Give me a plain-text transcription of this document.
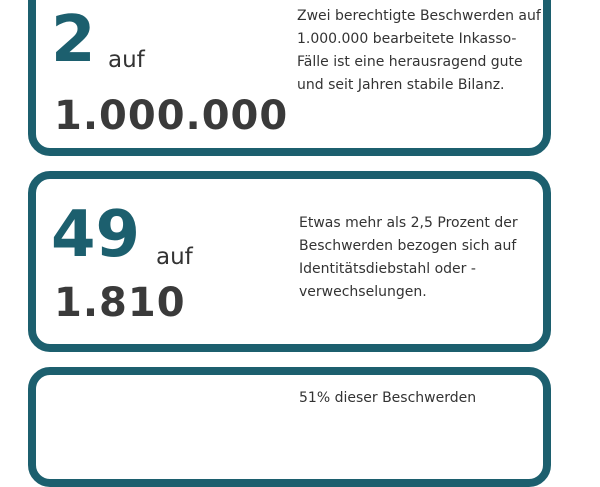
2 auf
1.000.000

Zwei berechtigte Beschwerden auf 1.000.000 bearbeitete Inkasso-Fälle ist eine herausragend gute und seit Jahren stabile Bilanz.

49 auf
1.810

Etwas mehr als 2,5 Prozent der Beschwerden bezogen sich auf Identitätsdiebstahl oder -verwechselungen.

51% dieser Beschwerden
